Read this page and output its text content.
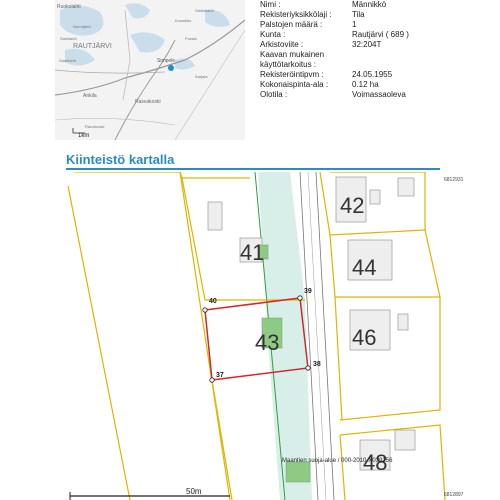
Ruokolahti
RAUTJÄRVI
Simpele
Ankila
Rasvakoski
Nurmijärvi
Särkkilahti
Purala
Karjala
Rauvikoski
Sarkilahti
Kuusikko
Saarilahti
1km
Nimi :	Männikkö
Rekisteriyksikkölaji :	Tila
Palstojen määrä :	1
Kunta :	Rautjärvi ( 689 )
Arkistoviite :	32:204T
Kaavan mukainen
käyttötarkoitus :
Rekisteröintipvm :	24.05.1955
Kokonaispinta-ala :	0.12 ha
Olotila :	Voimassaoleva
Kiinteistö kartalla
40
39
38
37
41
42
43
44
46
48
Maantien suoja-alue / 000-2010-X039256
50m
6812931
6812897
